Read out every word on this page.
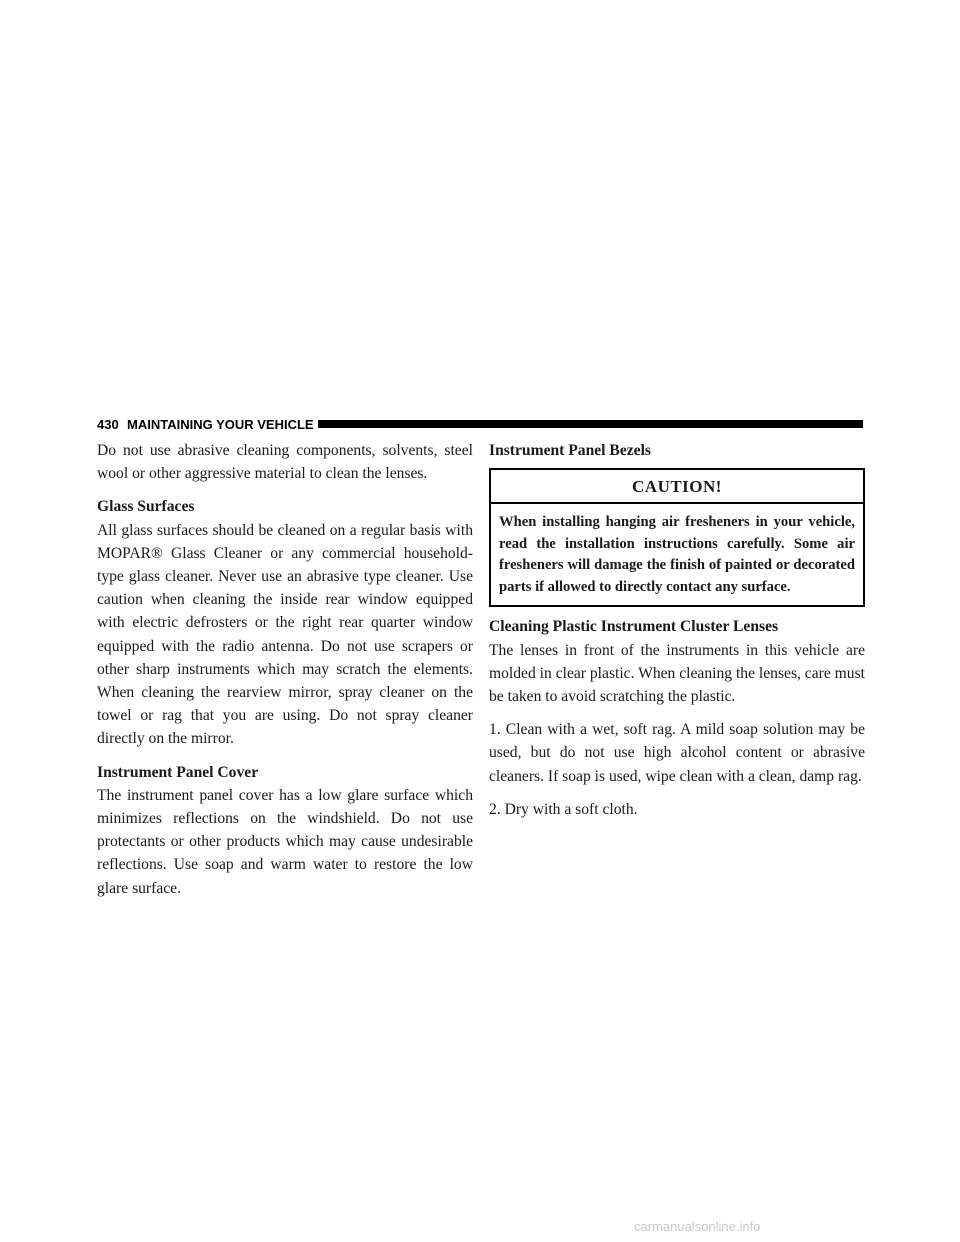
430 MAINTAINING YOUR VEHICLE

Do not use abrasive cleaning components, solvents, steel wool or other aggressive material to clean the lenses.

Glass Surfaces

All glass surfaces should be cleaned on a regular basis with MOPAR® Glass Cleaner or any commercial household-type glass cleaner. Never use an abrasive type cleaner. Use caution when cleaning the inside rear window equipped with electric defrosters or the right rear quarter window equipped with the radio antenna. Do not use scrapers or other sharp instruments which may scratch the elements. When cleaning the rearview mirror, spray cleaner on the towel or rag that you are using. Do not spray cleaner directly on the mirror.

Instrument Panel Cover

The instrument panel cover has a low glare surface which minimizes reflections on the windshield. Do not use protectants or other products which may cause undesirable reflections. Use soap and warm water to restore the low glare surface.

Instrument Panel Bezels
CAUTION!
When installing hanging air fresheners in your vehicle, read the installation instructions carefully. Some air fresheners will damage the finish of painted or decorated parts if allowed to directly contact any surface.
Cleaning Plastic Instrument Cluster Lenses

The lenses in front of the instruments in this vehicle are molded in clear plastic. When cleaning the lenses, care must be taken to avoid scratching the plastic.

1. Clean with a wet, soft rag. A mild soap solution may be used, but do not use high alcohol content or abrasive cleaners. If soap is used, wipe clean with a clean, damp rag.

2. Dry with a soft cloth.

carmanualsonline.info
